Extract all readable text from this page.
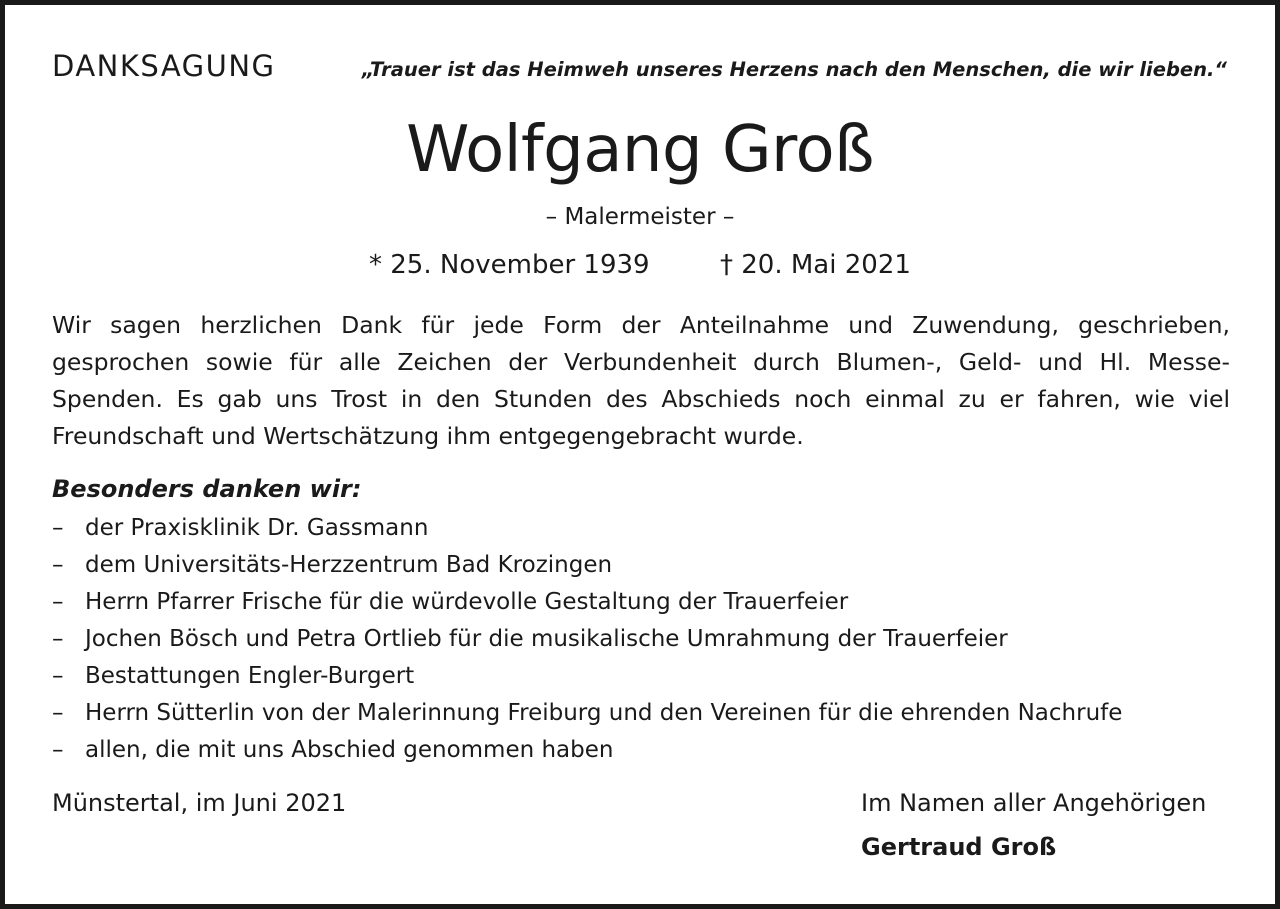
DANKSAGUNG	„Trauer ist das Heimweh unseres Herzens nach den Menschen, die wir lieben.“
Wolfgang Groß
– Malermeister –
* 25. November 1939	† 20. Mai 2021
Wir sagen herzlichen Dank für jede Form der Anteilnahme und Zuwendung, geschrieben, gesprochen sowie für alle Zeichen der Verbundenheit durch Blumen-, Geld- und Hl. Messe-Spenden. Es gab uns Trost in den Stunden des Abschieds noch einmal zu er fahren, wie viel Freundschaft und Wertschätzung ihm entgegengebracht wurde.
Besonders danken wir:
– der Praxisklinik Dr. Gassmann
– dem Universitäts-Herzzentrum Bad Krozingen
– Herrn Pfarrer Frische für die würdevolle Gestaltung der Trauerfeier
– Jochen Bösch und Petra Ortlieb für die musikalische Umrahmung der Trauerfeier
– Bestattungen Engler-Burgert
– Herrn Sütterlin von der Malerinnung Freiburg und den Vereinen für die ehrenden Nachrufe
– allen, die mit uns Abschied genommen haben
Münstertal, im Juni 2021	Im Namen aller Angehörigen
Gertraud Groß
